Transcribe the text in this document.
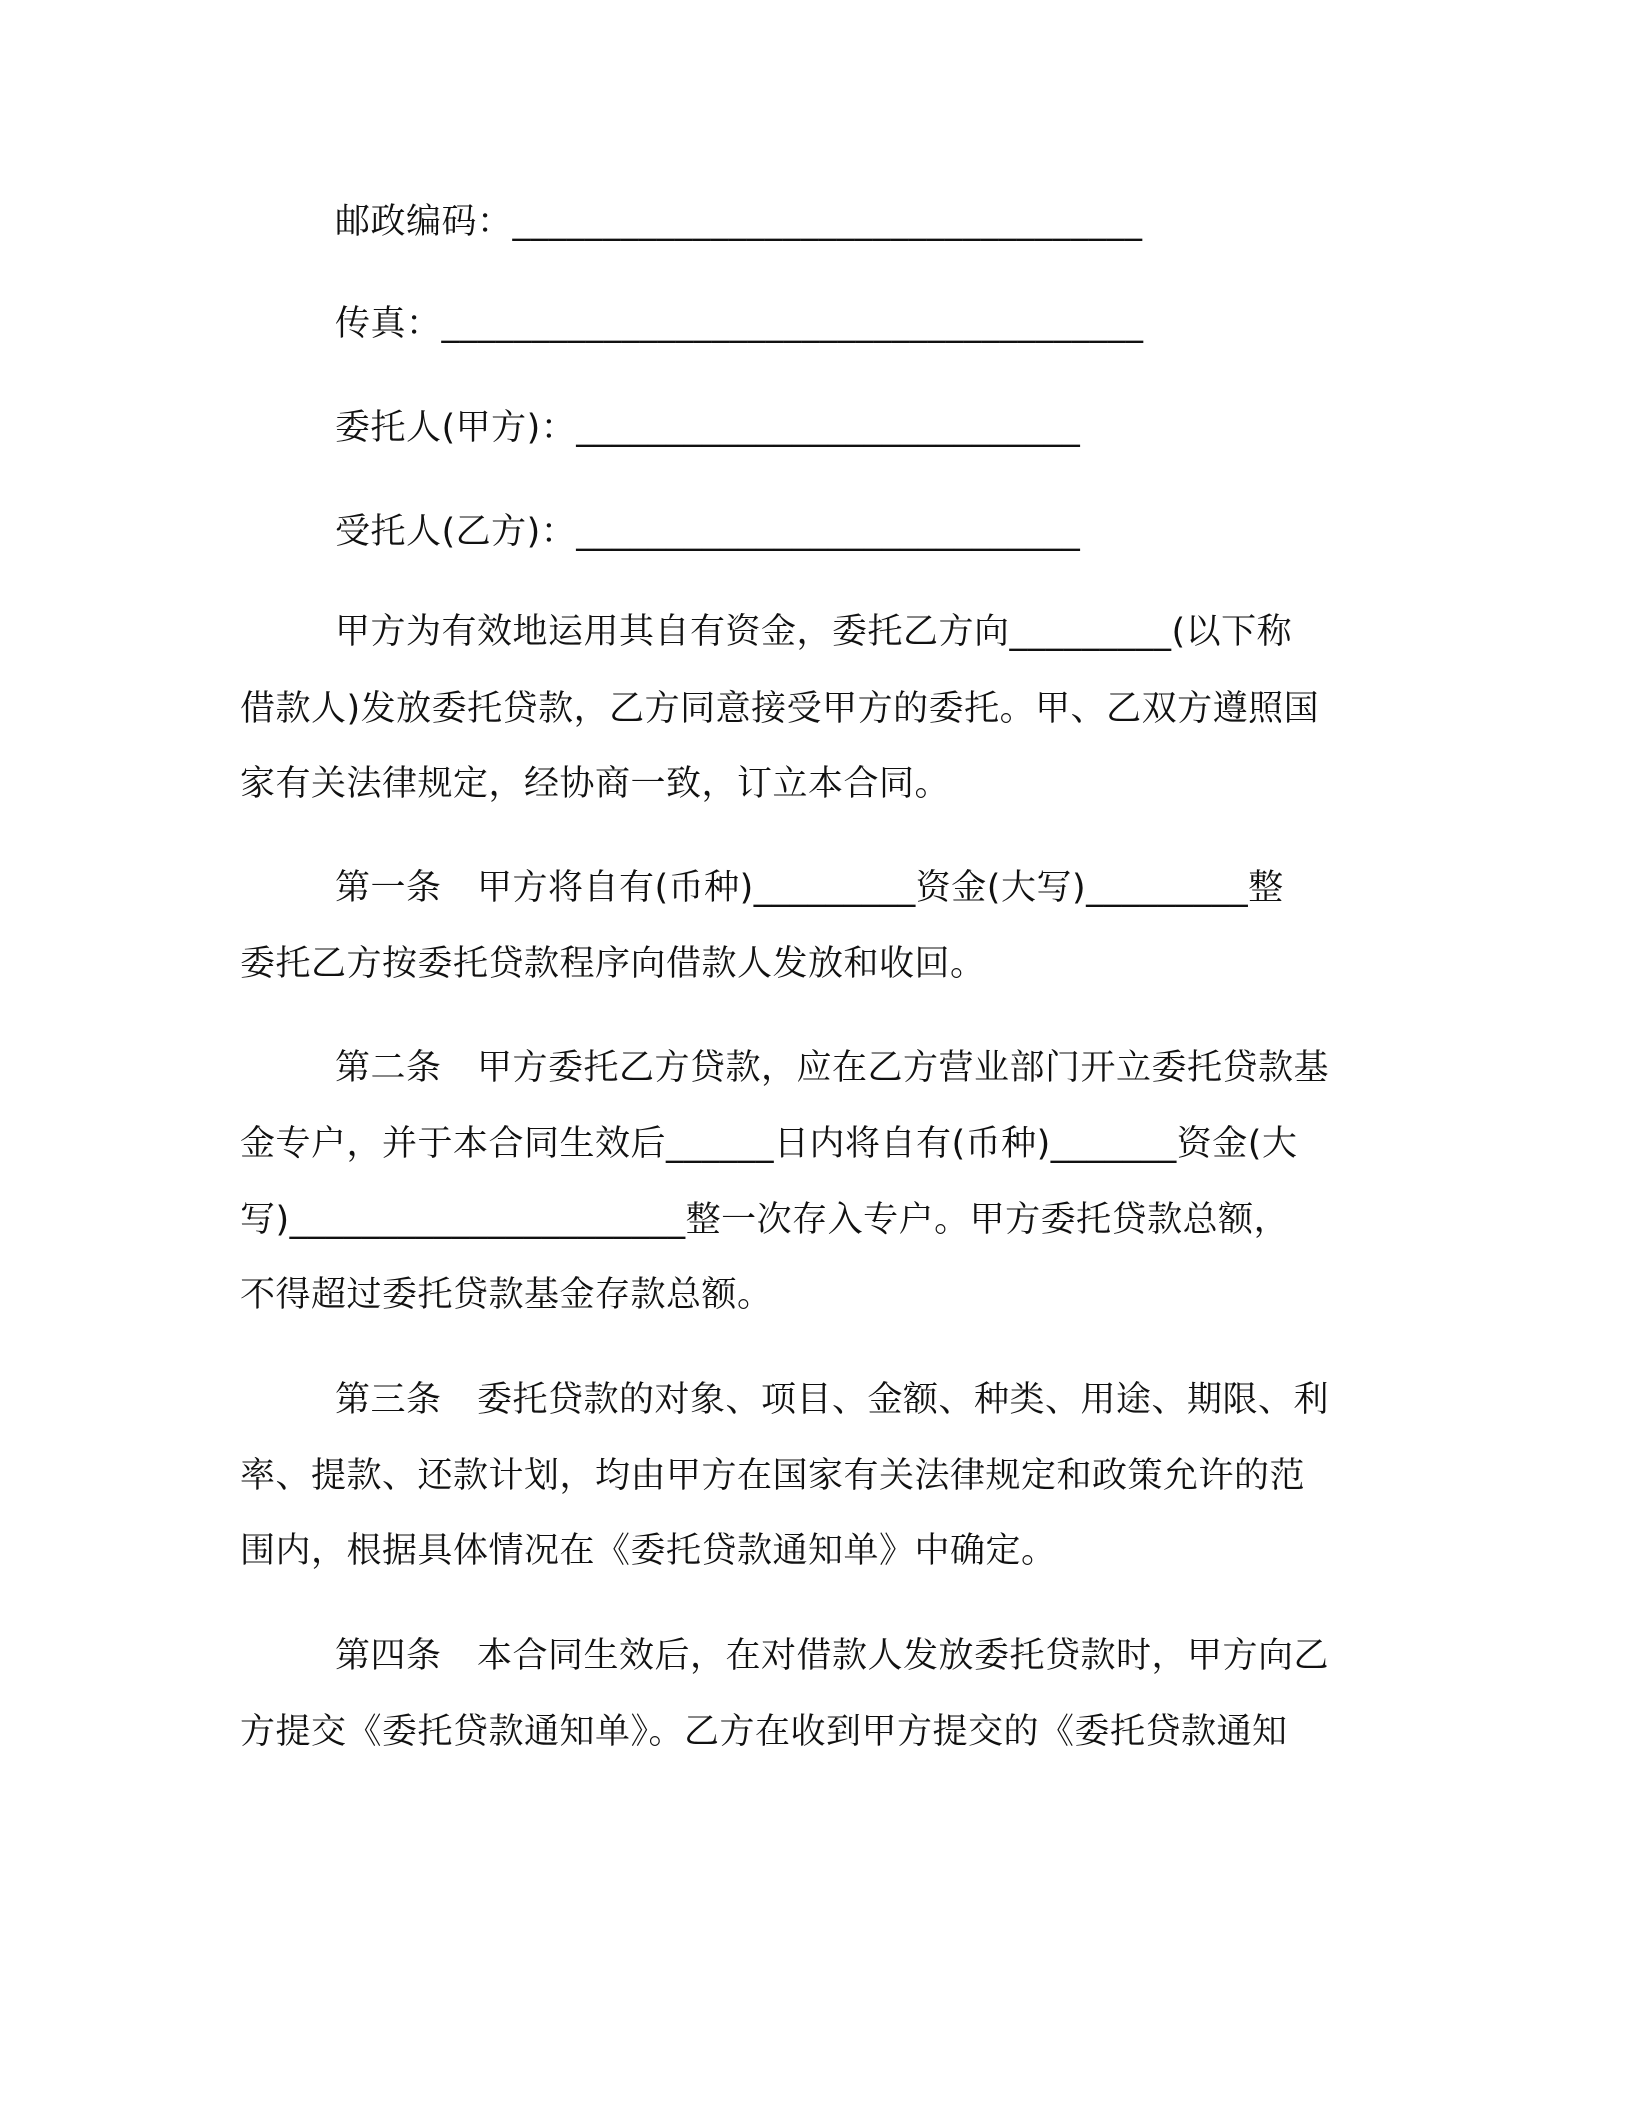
邮政编码：___________________________________
传真：_______________________________________
委托人(甲方)：____________________________
受托人(乙方)：____________________________
甲方为有效地运用其自有资金，委托乙方向_________(以下称
借款人)发放委托贷款，乙方同意接受甲方的委托。甲、乙双方遵照国
家有关法律规定，经协商一致，订立本合同。
第一条　甲方将自有(币种)_________资金(大写)_________整
委托乙方按委托贷款程序向借款人发放和收回。
第二条　甲方委托乙方贷款，应在乙方营业部门开立委托贷款基
金专户，并于本合同生效后______日内将自有(币种)_______资金(大
写)______________________整一次存入专户。甲方委托贷款总额，
不得超过委托贷款基金存款总额。
第三条　委托贷款的对象、项目、金额、种类、用途、期限、利
率、提款、还款计划，均由甲方在国家有关法律规定和政策允许的范
围内，根据具体情况在《委托贷款通知单》中确定。
第四条　本合同生效后，在对借款人发放委托贷款时，甲方向乙
方提交《委托贷款通知单》。乙方在收到甲方提交的《委托贷款通知
